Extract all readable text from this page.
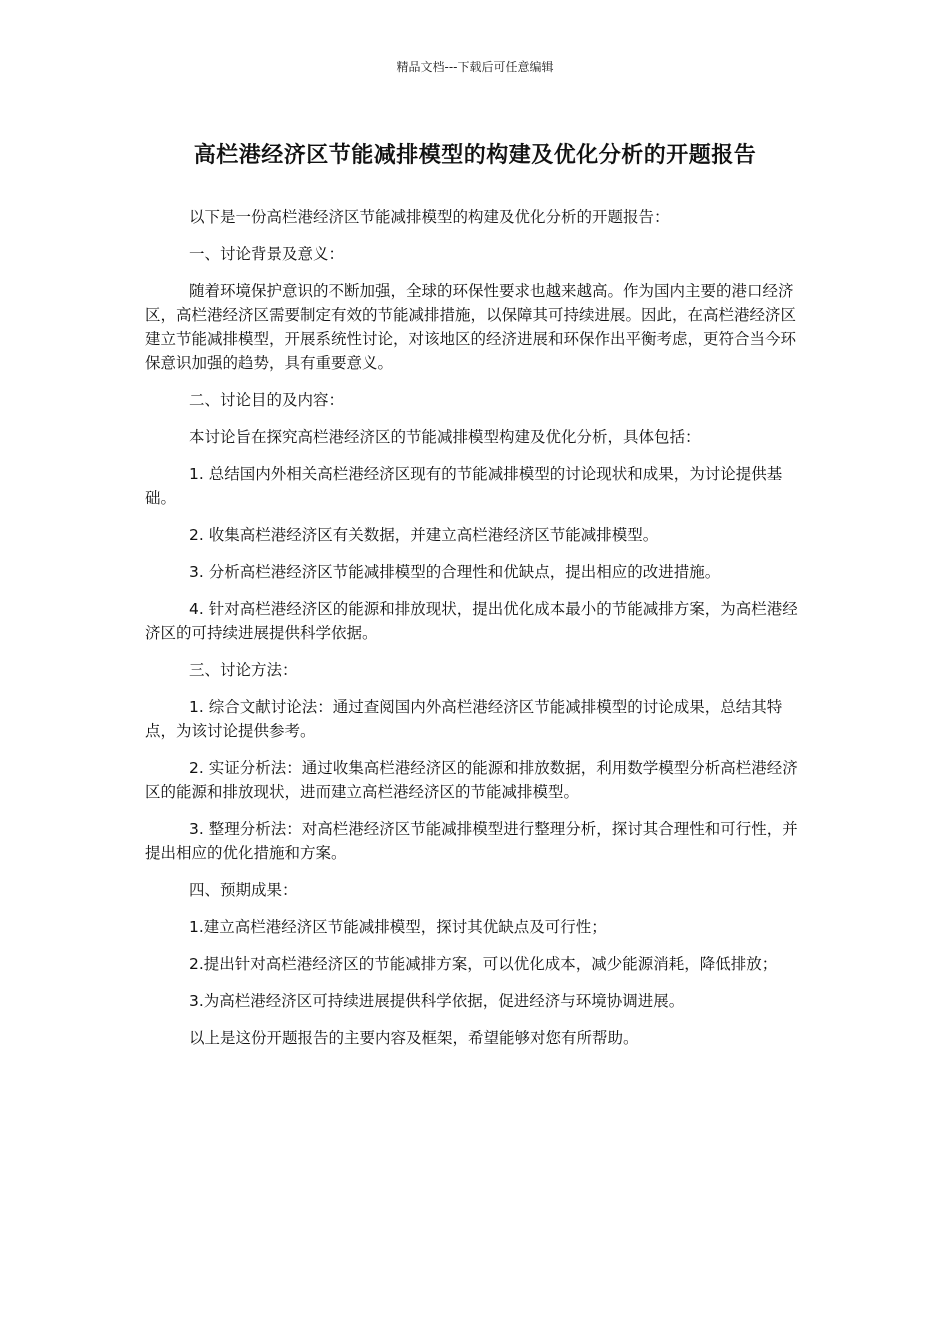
精品文档---下载后可任意编辑
高栏港经济区节能减排模型的构建及优化分析的开题报告

以下是一份高栏港经济区节能减排模型的构建及优化分析的开题报告：

一、讨论背景及意义：

随着环境保护意识的不断加强，全球的环保性要求也越来越高。作为国内主要的港口经济区，高栏港经济区需要制定有效的节能减排措施，以保障其可持续进展。因此，在高栏港经济区建立节能减排模型，开展系统性讨论，对该地区的经济进展和环保作出平衡考虑，更符合当今环保意识加强的趋势，具有重要意义。

二、讨论目的及内容：

本讨论旨在探究高栏港经济区的节能减排模型构建及优化分析，具体包括：

1. 总结国内外相关高栏港经济区现有的节能减排模型的讨论现状和成果，为讨论提供基础。

2. 收集高栏港经济区有关数据，并建立高栏港经济区节能减排模型。

3. 分析高栏港经济区节能减排模型的合理性和优缺点，提出相应的改进措施。

4. 针对高栏港经济区的能源和排放现状，提出优化成本最小的节能减排方案，为高栏港经济区的可持续进展提供科学依据。

三、讨论方法：

1. 综合文献讨论法：通过查阅国内外高栏港经济区节能减排模型的讨论成果，总结其特点，为该讨论提供参考。

2. 实证分析法：通过收集高栏港经济区的能源和排放数据，利用数学模型分析高栏港经济区的能源和排放现状，进而建立高栏港经济区的节能减排模型。

3. 整理分析法：对高栏港经济区节能减排模型进行整理分析，探讨其合理性和可行性，并提出相应的优化措施和方案。

四、预期成果：

1.建立高栏港经济区节能减排模型，探讨其优缺点及可行性；

2.提出针对高栏港经济区的节能减排方案，可以优化成本，减少能源消耗，降低排放；

3.为高栏港经济区可持续进展提供科学依据，促进经济与环境协调进展。

以上是这份开题报告的主要内容及框架，希望能够对您有所帮助。
